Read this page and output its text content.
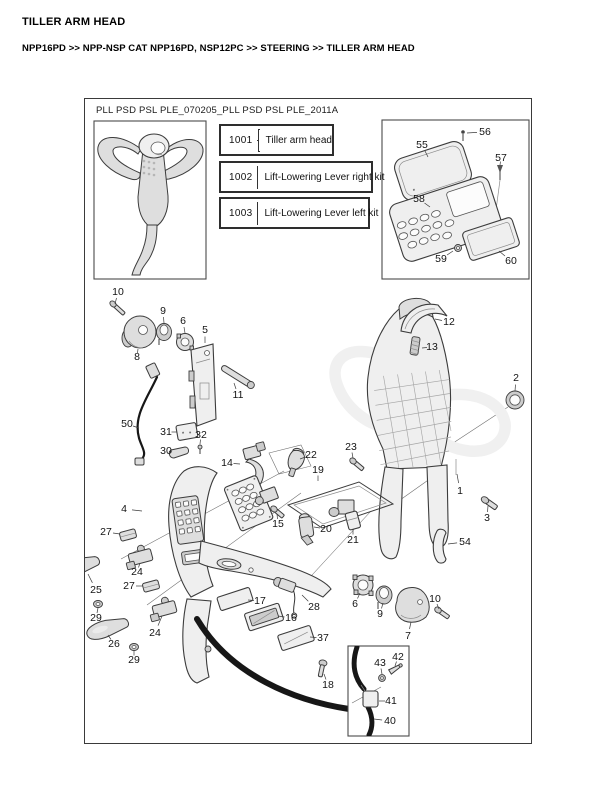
TILLER ARM HEAD
NPP16PD >> NPP-NSP CAT NPP16PD, NSP12PC >> STEERING >> TILLER ARM HEAD
PLL PSD PSL PLE_070205_PLL PSD PSL PLE_2011A
10
8
9
6
5
11
50
31 32
30
14
22
23
19
15	20
21
12
13
2
1
3
54
4
27
24
25
29
27
26
24
29
17
16
28
37
18
6
9
7
10
55
56
57
58
59	60
42
43
41
40
1001 Tiller arm head
1002 Lift-Lowering Lever right kit
1003 Lift-Lowering Lever left kit
